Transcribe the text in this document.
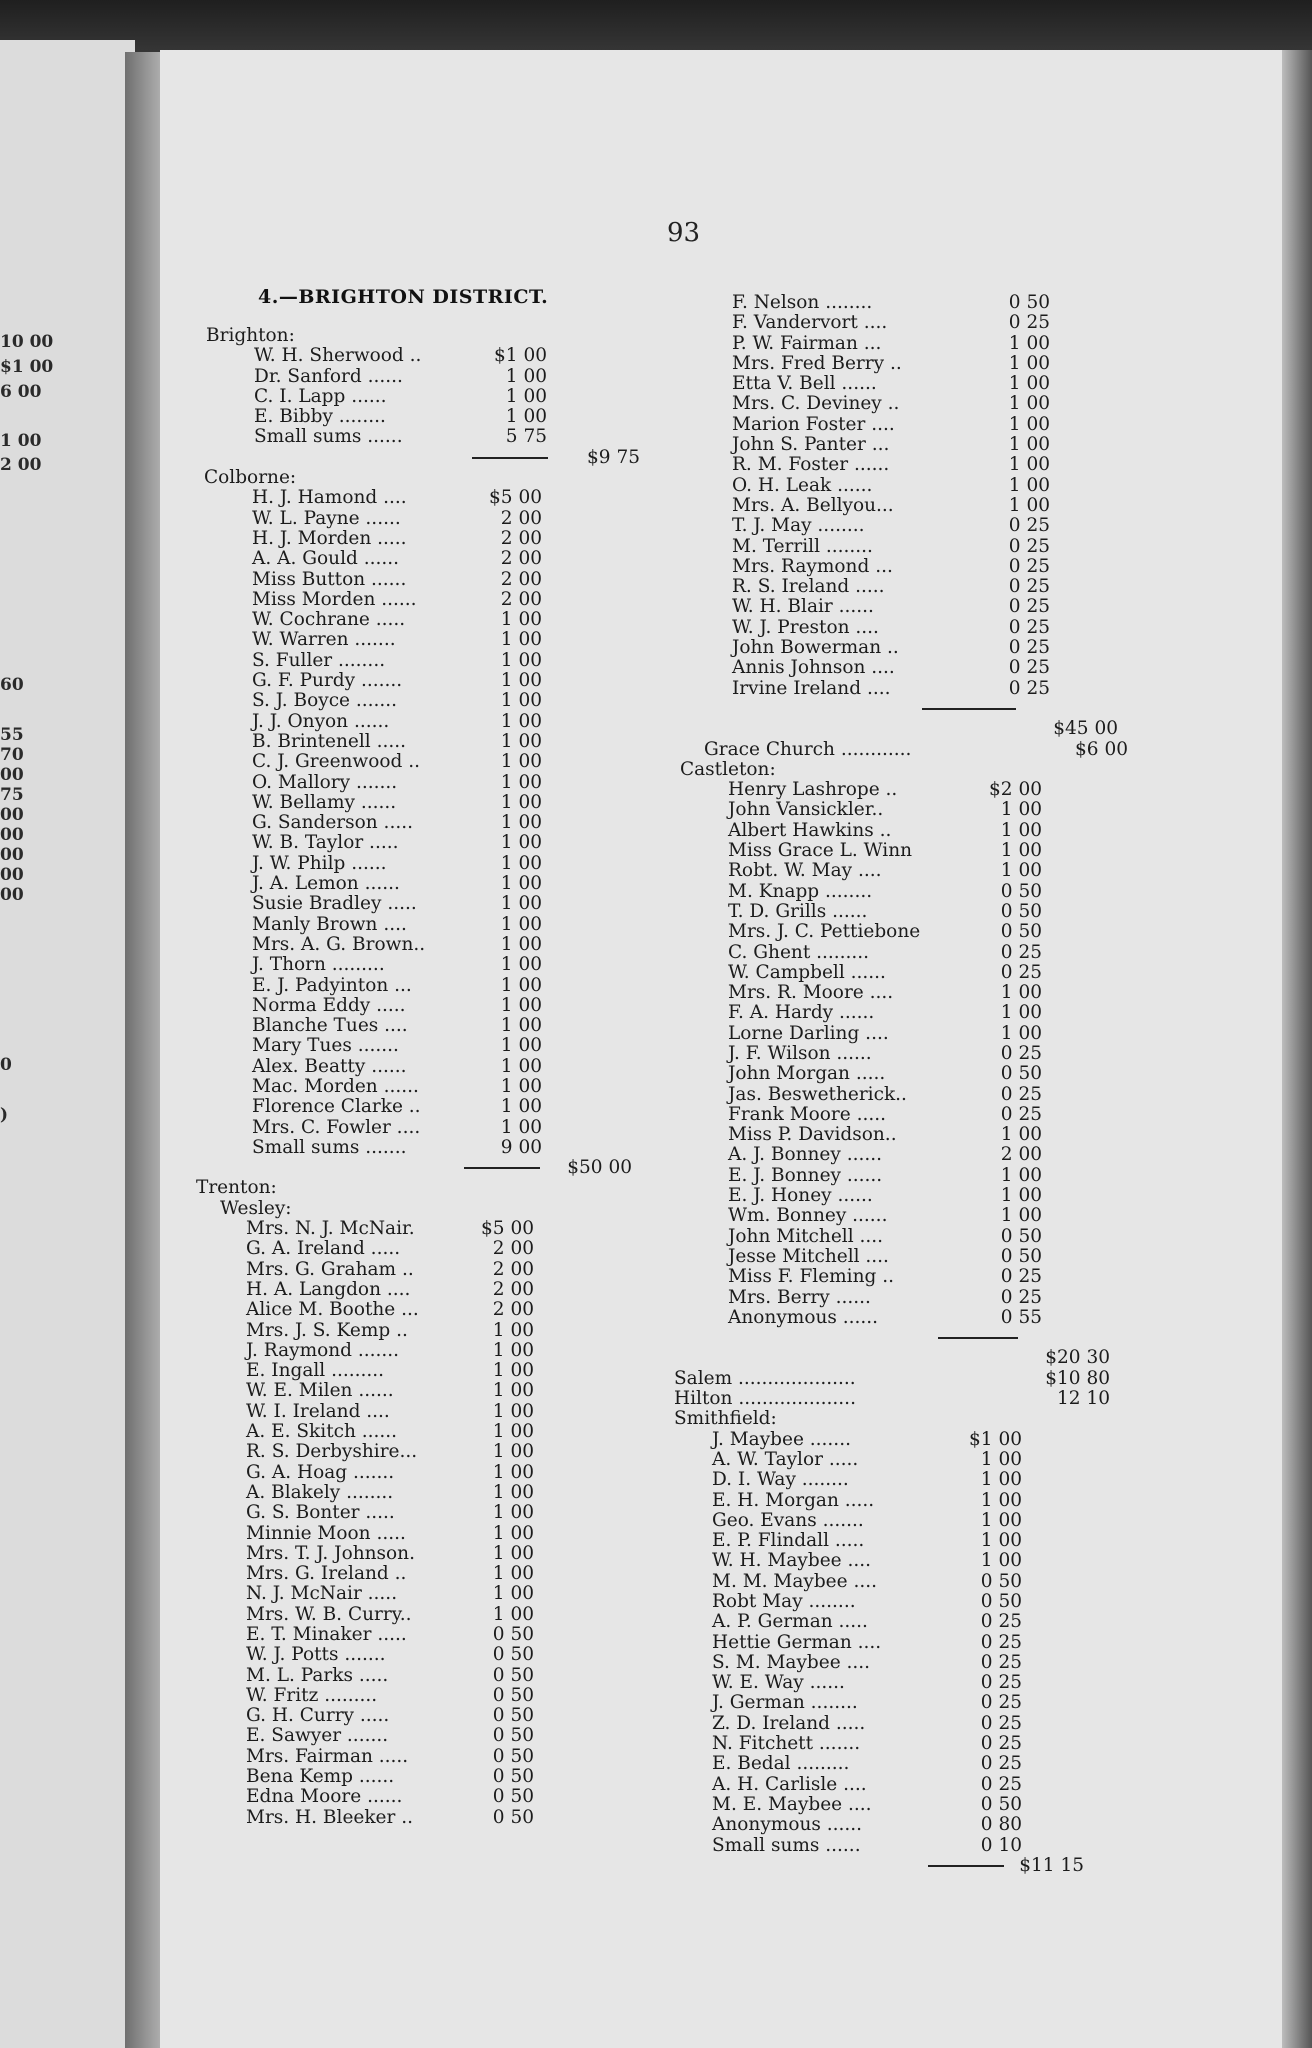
10 00
$1 00
6 00
1 00
2 00
60
55
70
00
75
00
00
00
00
00
0
)
93
4.—BRIGHTON DISTRICT.
Brighton:
W. H. Sherwood ..	$1 00
Dr. Sanford ......	1 00
C. I. Lapp ......	1 00
E. Bibby ........	1 00
Small sums ......	5 75
$9 75
Colborne:
H. J. Hamond ....	$5 00
W. L. Payne ......	2 00
H. J. Morden .....	2 00
A. A. Gould ......	2 00
Miss Button ......	2 00
Miss Morden ......	2 00
W. Cochrane .....	1 00
W. Warren .......	1 00
S. Fuller ........	1 00
G. F. Purdy .......	1 00
S. J. Boyce .......	1 00
J. J. Onyon ......	1 00
B. Brintenell .....	1 00
C. J. Greenwood ..	1 00
O. Mallory .......	1 00
W. Bellamy ......	1 00
G. Sanderson .....	1 00
W. B. Taylor .....	1 00
J. W. Philp ......	1 00
J. A. Lemon ......	1 00
Susie Bradley .....	1 00
Manly Brown ....	1 00
Mrs. A. G. Brown..	1 00
J. Thorn .........	1 00
E. J. Padyinton ...	1 00
Norma Eddy .....	1 00
Blanche Tues ....	1 00
Mary Tues .......	1 00
Alex. Beatty ......	1 00
Mac. Morden ......	1 00
Florence Clarke ..	1 00
Mrs. C. Fowler ....	1 00
Small sums .......	9 00
$50 00
Trenton:
Wesley:
Mrs. N. J. McNair.	$5 00
G. A. Ireland .....	2 00
Mrs. G. Graham ..	2 00
H. A. Langdon ....	2 00
Alice M. Boothe ...	2 00
Mrs. J. S. Kemp ..	1 00
J. Raymond .......	1 00
E. Ingall .........	1 00
W. E. Milen ......	1 00
W. I. Ireland ....	1 00
A. E. Skitch ......	1 00
R. S. Derbyshire...	1 00
G. A. Hoag .......	1 00
A. Blakely ........	1 00
G. S. Bonter .....	1 00
Minnie Moon .....	1 00
Mrs. T. J. Johnson.	1 00
Mrs. G. Ireland ..	1 00
N. J. McNair .....	1 00
Mrs. W. B. Curry..	1 00
E. T. Minaker .....	0 50
W. J. Potts .......	0 50
M. L. Parks .....	0 50
W. Fritz .........	0 50
G. H. Curry .....	0 50
E. Sawyer .......	0 50
Mrs. Fairman .....	0 50
Bena Kemp ......	0 50
Edna Moore ......	0 50
Mrs. H. Bleeker ..	0 50
F. Nelson ........	0 50
F. Vandervort ....	0 25
P. W. Fairman ...	1 00
Mrs. Fred Berry ..	1 00
Etta V. Bell ......	1 00
Mrs. C. Deviney ..	1 00
Marion Foster ....	1 00
John S. Panter ...	1 00
R. M. Foster ......	1 00
O. H. Leak ......	1 00
Mrs. A. Bellyou...	1 00
T. J. May ........	0 25
M. Terrill ........	0 25
Mrs. Raymond ...	0 25
R. S. Ireland .....	0 25
W. H. Blair ......	0 25
W. J. Preston ....	0 25
John Bowerman ..	0 25
Annis Johnson ....	0 25
Irvine Ireland ....	0 25
$45 00
Grace Church ............	$6 00
Castleton:
Henry Lashrope ..	$2 00
John Vansickler..	1 00
Albert Hawkins ..	1 00
Miss Grace L. Winn	1 00
Robt. W. May ....	1 00
M. Knapp ........	0 50
T. D. Grills ......	0 50
Mrs. J. C. Pettiebone	0 50
C. Ghent .........	0 25
W. Campbell ......	0 25
Mrs. R. Moore ....	1 00
F. A. Hardy ......	1 00
Lorne Darling ....	1 00
J. F. Wilson ......	0 25
John Morgan .....	0 50
Jas. Beswetherick..	0 25
Frank Moore .....	0 25
Miss P. Davidson..	1 00
A. J. Bonney ......	2 00
E. J. Bonney ......	1 00
E. J. Honey ......	1 00
Wm. Bonney ......	1 00
John Mitchell ....	0 50
Jesse Mitchell ....	0 50
Miss F. Fleming ..	0 25
Mrs. Berry ......	0 25
Anonymous ......	0 55
$20 30
Salem ....................	$10 80
Hilton ....................	12 10
Smithfield:
J. Maybee .......	$1 00
A. W. Taylor .....	1 00
D. I. Way ........	1 00
E. H. Morgan .....	1 00
Geo. Evans .......	1 00
E. P. Flindall .....	1 00
W. H. Maybee ....	1 00
M. M. Maybee ....	0 50
Robt May ........	0 50
A. P. German .....	0 25
Hettie German ....	0 25
S. M. Maybee ....	0 25
W. E. Way ......	0 25
J. German ........	0 25
Z. D. Ireland .....	0 25
N. Fitchett .......	0 25
E. Bedal .........	0 25
A. H. Carlisle ....	0 25
M. E. Maybee ....	0 50
Anonymous ......	0 80
Small sums ......	0 10
$11 15
